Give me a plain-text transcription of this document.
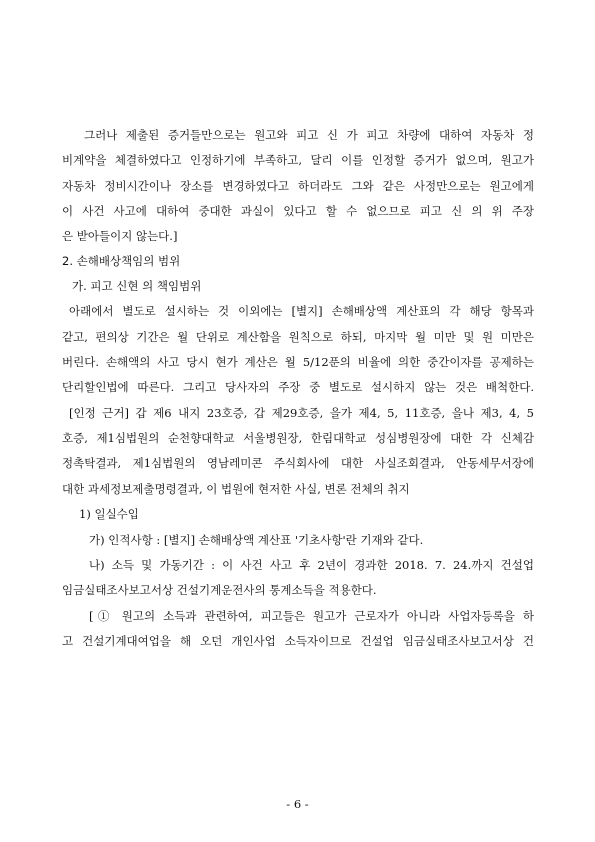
그러나 제출된 증거들만으로는 원고와 피고 신 가 피고 차량에 대하여 자동차 정
비계약을 체결하였다고 인정하기에 부족하고, 달리 이를 인정할 증거가 없으며, 원고가
자동차 정비시간이나 장소를 변경하였다고 하더라도 그와 같은 사정만으로는 원고에게
이 사건 사고에 대하여 중대한 과실이 있다고 할 수 없으므로 피고 신 의 위 주장
은 받아들이지 않는다.]
2. 손해배상책임의 범위
가. 피고 신현 의 책임범위
아래에서 별도로 설시하는 것 이외에는 [별지] 손해배상액 계산표의 각 해당 항목과
같고, 편의상 기간은 월 단위로 계산함을 원칙으로 하되, 마지막 월 미만 및 원 미만은
버린다. 손해액의 사고 당시 현가 계산은 월 5/12푼의 비율에 의한 중간이자를 공제하는
단리할인법에 따른다. 그리고 당사자의 주장 중 별도로 설시하지 않는 것은 배척한다.
[인정 근거] 갑 제6 내지 23호증, 갑 제29호증, 을가 제4, 5, 11호증, 을나 제3, 4, 5
호증, 제1심법원의 순천향대학교 서울병원장, 한림대학교 성심병원장에 대한 각 신체감
정촉탁결과, 제1심법원의 영남레미콘 주식회사에 대한 사실조회결과, 안동세무서장에
대한 과세정보제출명령결과, 이 법원에 현저한 사실, 변론 전체의 취지
1) 일실수입
가) 인적사항 : [별지] 손해배상액 계산표 '기초사항'란 기재와 같다.
나) 소득 및 가동기간 : 이 사건 사고 후 2년이 경과한 2018. 7. 24.까지 건설업
임금실태조사보고서상 건설기계운전사의 통계소득을 적용한다.
[① 원고의 소득과 관련하여, 피고들은 원고가 근로자가 아니라 사업자등록을 하
고 건설기계대여업을 해 오던 개인사업 소득자이므로 건설업 임금실태조사보고서상 건
- 6 -
